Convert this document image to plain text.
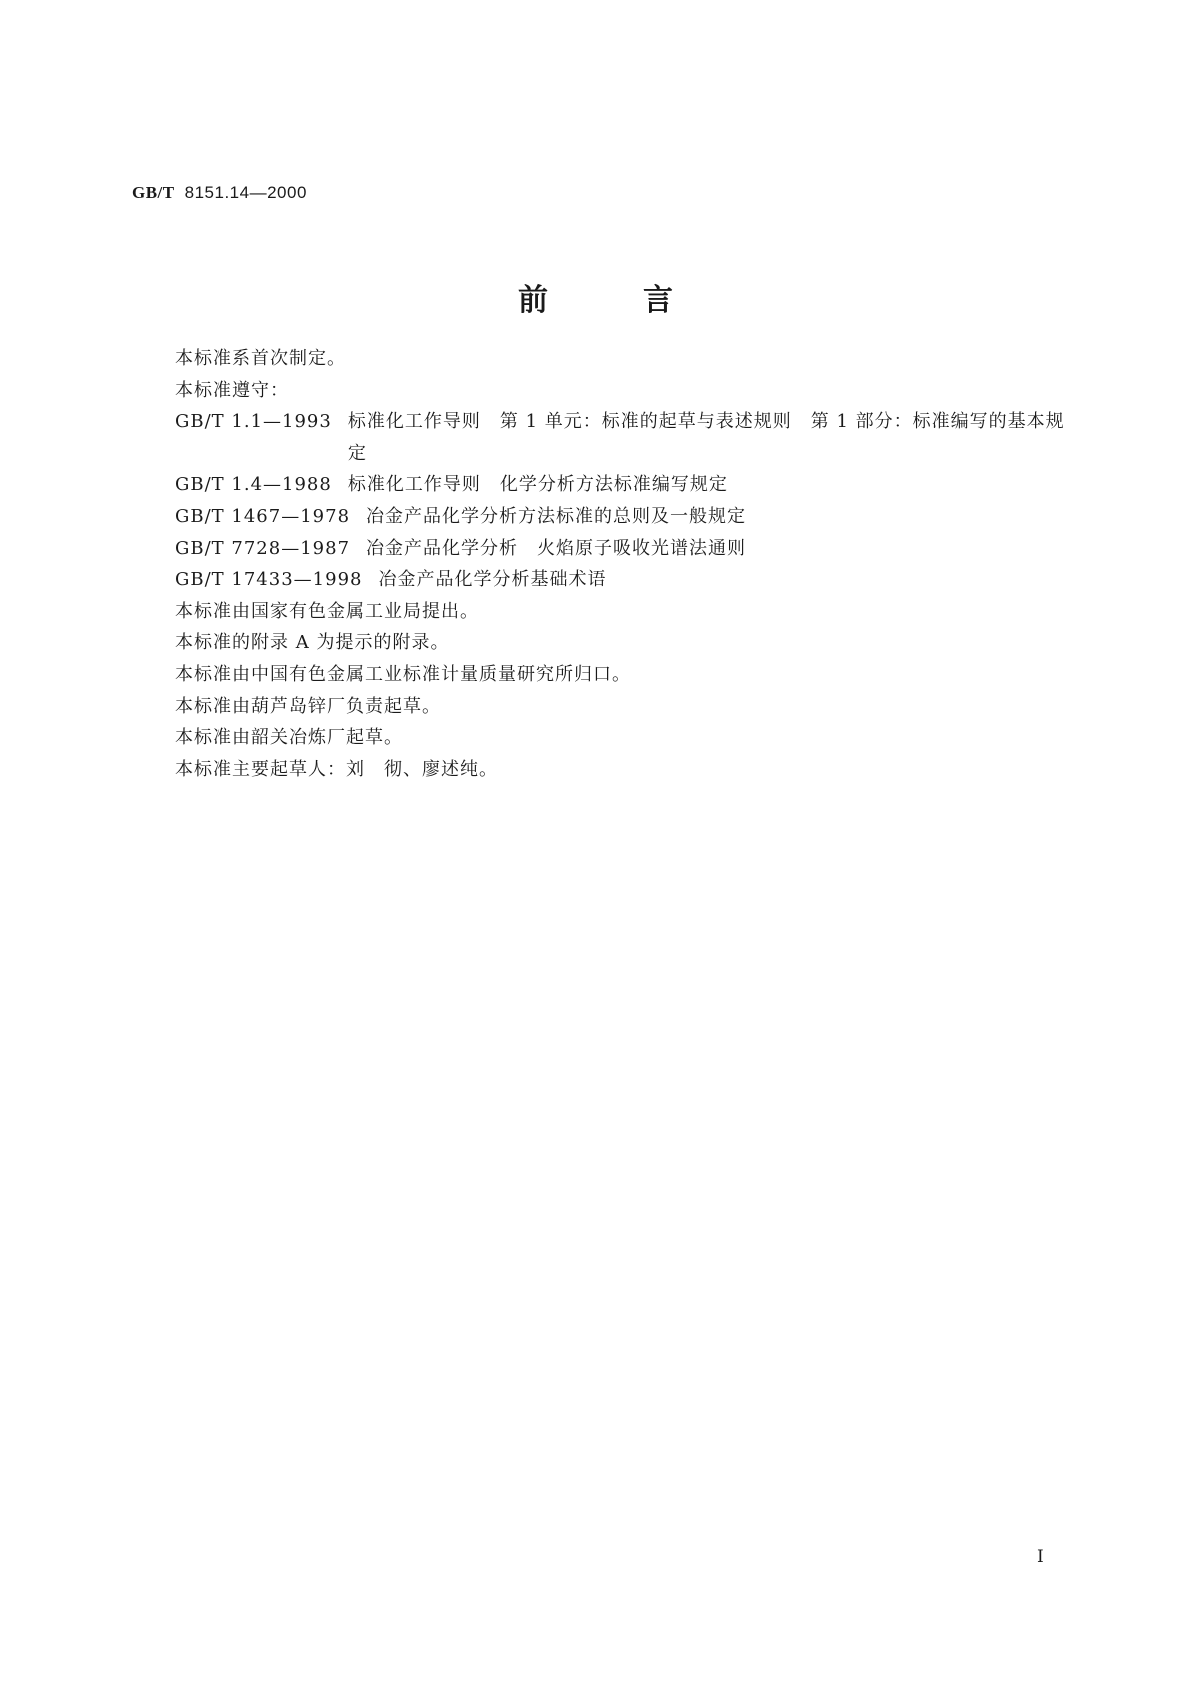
GB/T 8151.14—2000
前言
本标准系首次制定。
本标准遵守：
GB/T 1.1—1993 标准化工作导则　第 1 单元：标准的起草与表述规则　第 1 部分：标准编写的基本规定
GB/T 1.4—1988 标准化工作导则　化学分析方法标准编写规定
GB/T 1467—1978 冶金产品化学分析方法标准的总则及一般规定
GB/T 7728—1987 冶金产品化学分析　火焰原子吸收光谱法通则
GB/T 17433—1998 冶金产品化学分析基础术语
本标准由国家有色金属工业局提出。
本标准的附录 A 为提示的附录。
本标准由中国有色金属工业标准计量质量研究所归口。
本标准由葫芦岛锌厂负责起草。
本标准由韶关冶炼厂起草。
本标准主要起草人：刘　彻、廖述纯。
I
